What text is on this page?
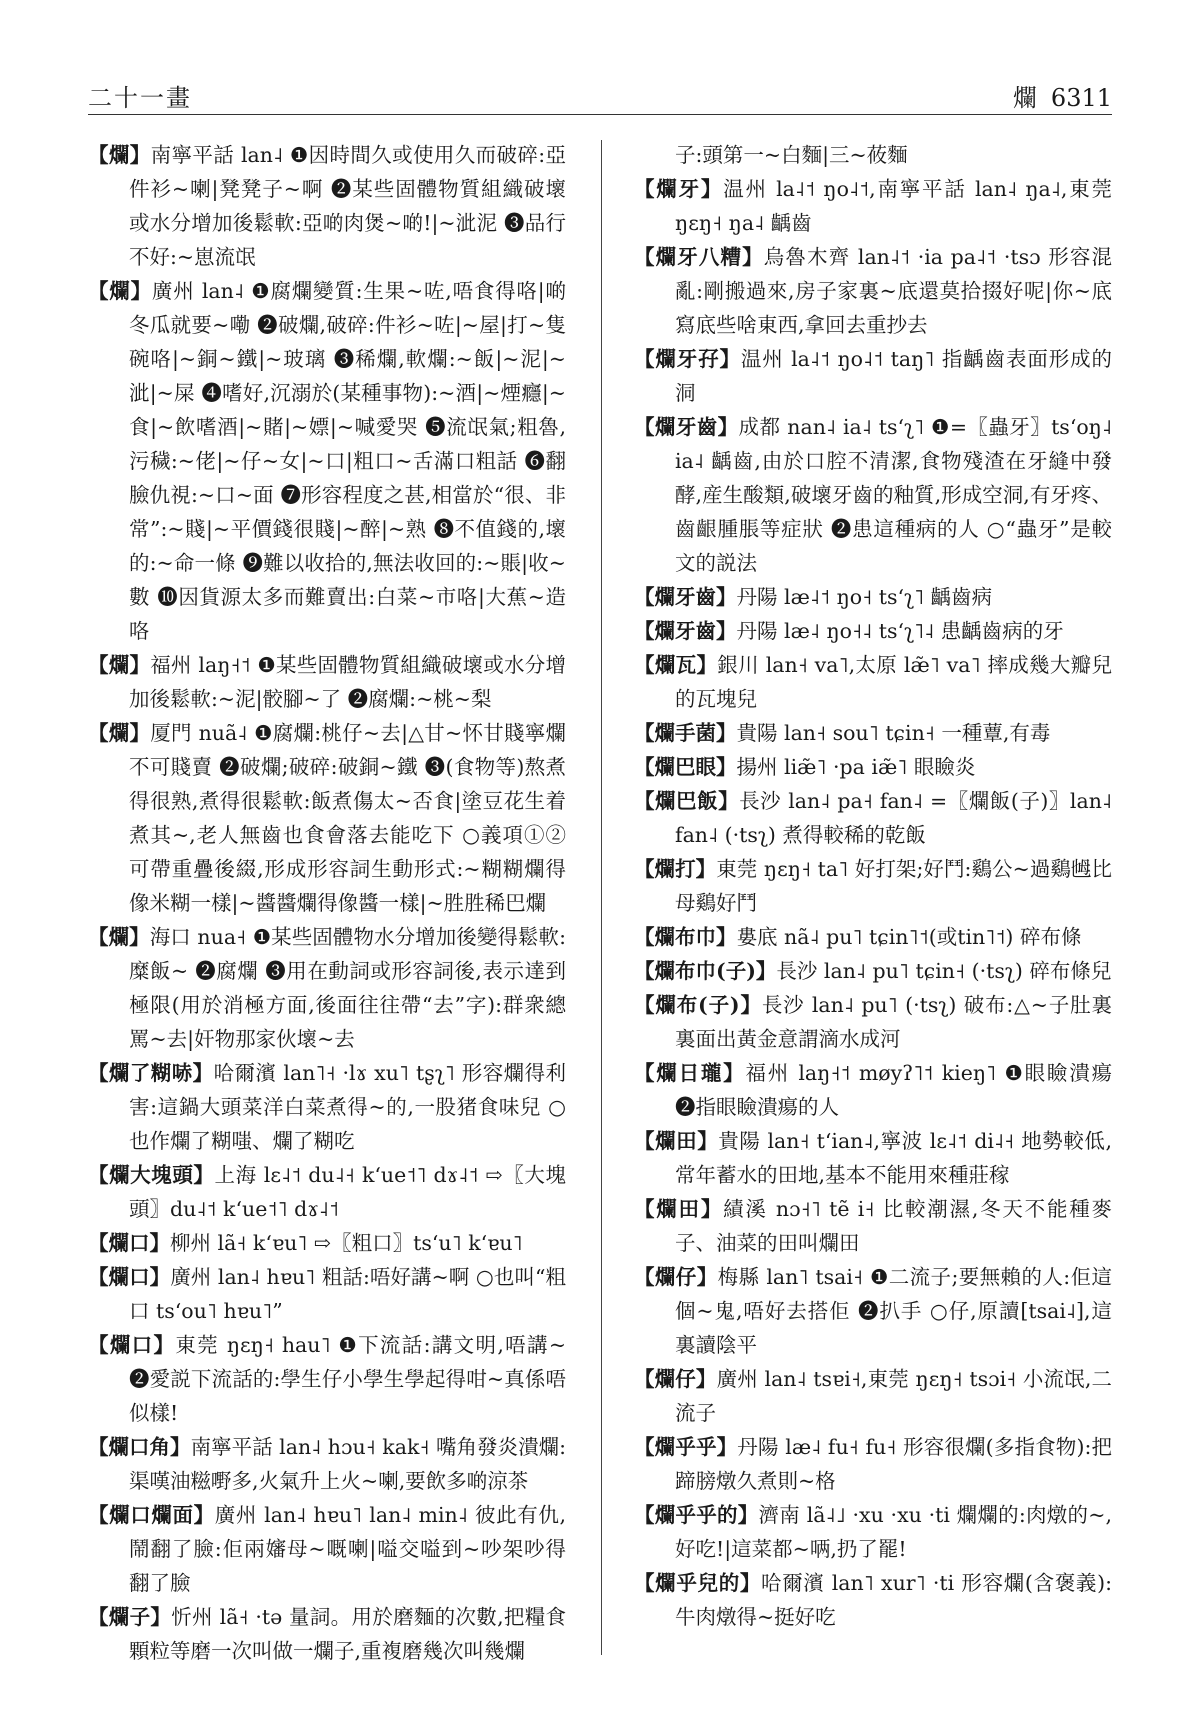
二十一畫	爛 6311

【爛】南寧平話 lan˨ ❶因時間久或使用久而破碎:亞件衫~喇|凳凳子~啊 ❷某些固體物質組織破壞或水分增加後鬆軟:亞啲肉煲~啲!|~泚泥 ❸品行不好:~崽流氓

【爛】廣州 lan˨ ❶腐爛變質:生果~咗,唔食得咯|啲冬瓜就要~嘞 ❷破爛,破碎:件衫~咗|~屋|打~隻碗咯|~銅~鐵|~玻璃 ❸稀爛,軟爛:~飯|~泥|~泚|~屎 ❹嗜好,沉溺於(某種事物):~酒|~煙癮|~食|~飲嗜酒|~賭|~嫖|~喊愛哭 ❺流氓氣;粗魯,污穢:~佬|~仔~女|~口|粗口~舌滿口粗話 ❻翻臉仇視:~口~面 ❼形容程度之甚,相當於“很、非常”:~賤|~平價錢很賤|~醉|~熟 ❽不值錢的,壞的:~命一條 ❾難以收拾的,無法收回的:~賬|收~數 ❿因貨源太多而難賣出:白菜~市咯|大蕉~造咯

【爛】福州 laŋ˧˦ ❶某些固體物質組織破壞或水分增加後鬆軟:~泥|骹腳~了 ❷腐爛:~桃~梨

【爛】厦門 nuã˨ ❶腐爛:桃仔~去|△甘~怀甘賤寧爛不可賤賣 ❷破爛;破碎:破銅~鐵 ❸(食物等)熬煮得很熟,煮得很鬆軟:飯煮傷太~否食|塗豆花生着煮其~,老人無齒也食會落去能吃下 ○義項①②可帶重疊後綴,形成形容詞生動形式:~糊糊爛得像米糊一樣|~醬醬爛得像醬一樣|~胜胜稀巴爛

【爛】海口 nua˧ ❶某些固體物水分增加後變得鬆軟:糜飯~ ❷腐爛 ❸用在動詞或形容詞後,表示達到極限(用於消極方面,後面往往帶“去”字):群衆總罵~去|奸物那家伙壞~去

【爛了糊哧】哈爾濱 lan˥˧ ·lɤ xu˥ tʂʅ˥ 形容爛得利害:這鍋大頭菜洋白菜煮得~的,一股猪食味兒 ○也作爛了糊嗤、爛了糊吃

【爛大塊頭】上海 lɛ˨˦ du˨˧ kʻue˦˥ dɤ˨˦ ⇨〖大塊頭〗du˨˦ kʻue˦˥ dɤ˨˦

【爛口】柳州 lã˧ kʻɐu˥ ⇨〖粗口〗tsʻu˥ kʻɐu˥

【爛口】廣州 lan˨ hɐu˥ 粗話:唔好講~啊 ○也叫“粗口 tsʻou˥ hɐu˥”

【爛口】東莞 ŋɛŋ˧ hau˥ ❶下流話:講文明,唔講~ ❷愛説下流話的:學生仔小學生學起得咁~真係唔似樣!

【爛口角】南寧平話 lan˨ hɔu˧ kak˧ 嘴角發炎潰爛:渠嘆油糍嘢多,火氣升上火~喇,要飲多啲涼茶

【爛口爛面】廣州 lan˨ hɐu˥ lan˨ min˨ 彼此有仇,鬧翻了臉:佢兩嬸母~嘅喇|嗌交嗌到~吵架吵得翻了臉

【爛子】忻州 lã˧ ·tə 量詞。用於磨麵的次數,把糧食顆粒等磨一次叫做一爛子,重複磨幾次叫幾爛

子:頭第一~白麵|三~莜麵

【爛牙】温州 la˨˦ ŋo˨˦,南寧平話 lan˨ ŋa˨,東莞 ŋɛŋ˧ ŋa˨ 齲齒

【爛牙八糟】烏魯木齊 lan˨˦ ·ia pa˨˦ ·tsɔ 形容混亂:剛搬過來,房子家裏~底還莫拾掇好呢|你~底寫底些啥東西,拿回去重抄去

【爛牙孖】温州 la˨˦ ŋo˨˦ taŋ˥ 指齲齒表面形成的洞

【爛牙齒】成都 nan˨ ia˨ tsʻʅ˥ ❶=〖蟲牙〗tsʻoŋ˨ ia˨ 齲齒,由於口腔不清潔,食物殘渣在牙縫中發酵,産生酸類,破壞牙齒的釉質,形成空洞,有牙疼、齒齦腫脹等症狀 ❷患這種病的人 ○“蟲牙”是較文的説法

【爛牙齒】丹陽 læ˨˦ ŋo˧ tsʻʅ˥ 齲齒病

【爛牙齒】丹陽 læ˨ ŋo˧˨ tsʻʅ˥˨ 患齲齒病的牙

【爛瓦】銀川 lan˧ va˥,太原 læ̃˥ va˥ 摔成幾大瓣兒的瓦塊兒

【爛手菌】貴陽 lan˧ sou˥ tɕin˧ 一種蕈,有毒

【爛巴眼】揚州 liæ̃˥ ·pa iæ̃˥ 眼瞼炎

【爛巴飯】長沙 lan˨ pa˧ fan˨ =〖爛飯(子)〗lan˨ fan˨ (·tsʅ) 煮得較稀的乾飯

【爛打】東莞 ŋɛŋ˧ ta˥ 好打架;好鬥:鷄公~過鷄乸比母鷄好鬥

【爛布巾】婁底 nã˨ pu˥ tɕin˥˦(或tin˥˦) 碎布條

【爛布巾(子)】長沙 lan˨ pu˥ tɕin˧ (·tsʅ) 碎布條兒

【爛布(子)】長沙 lan˨ pu˥ (·tsʅ) 破布:△~子肚裏裏面出黃金意謂滴水成河

【爛日瓏】福州 laŋ˧˦ møyʔ˥˦ kieŋ˥ ❶眼瞼潰瘍 ❷指眼瞼潰瘍的人

【爛田】貴陽 lan˧ tʻian˨,寧波 lɛ˨˦ di˨˧ 地勢較低,常年蓄水的田地,基本不能用來種莊稼

【爛田】績溪 nɔ˧˥ tẽ i˧ 比較潮濕,冬天不能種麥子、油菜的田叫爛田

【爛仔】梅縣 lan˥ tsai˧ ❶二流子;要無賴的人:佢這個~鬼,唔好去搭佢 ❷扒手 ○仔,原讀[tsai˨],這裏讀陰平

【爛仔】廣州 lan˨ tsɐi˧,東莞 ŋɛŋ˧ tsɔi˧ 小流氓,二流子

【爛乎乎】丹陽 læ˨ fu˧ fu˧ 形容很爛(多指食物):把蹄膀燉久煮則~格

【爛乎乎的】濟南 lã˨˩ ·xu ·xu ·ti 爛爛的:肉燉的~,好吃!|這菜都~唡,扔了罷!

【爛乎兒的】哈爾濱 lan˥ xur˥ ·ti 形容爛(含褒義):牛肉燉得~挺好吃
